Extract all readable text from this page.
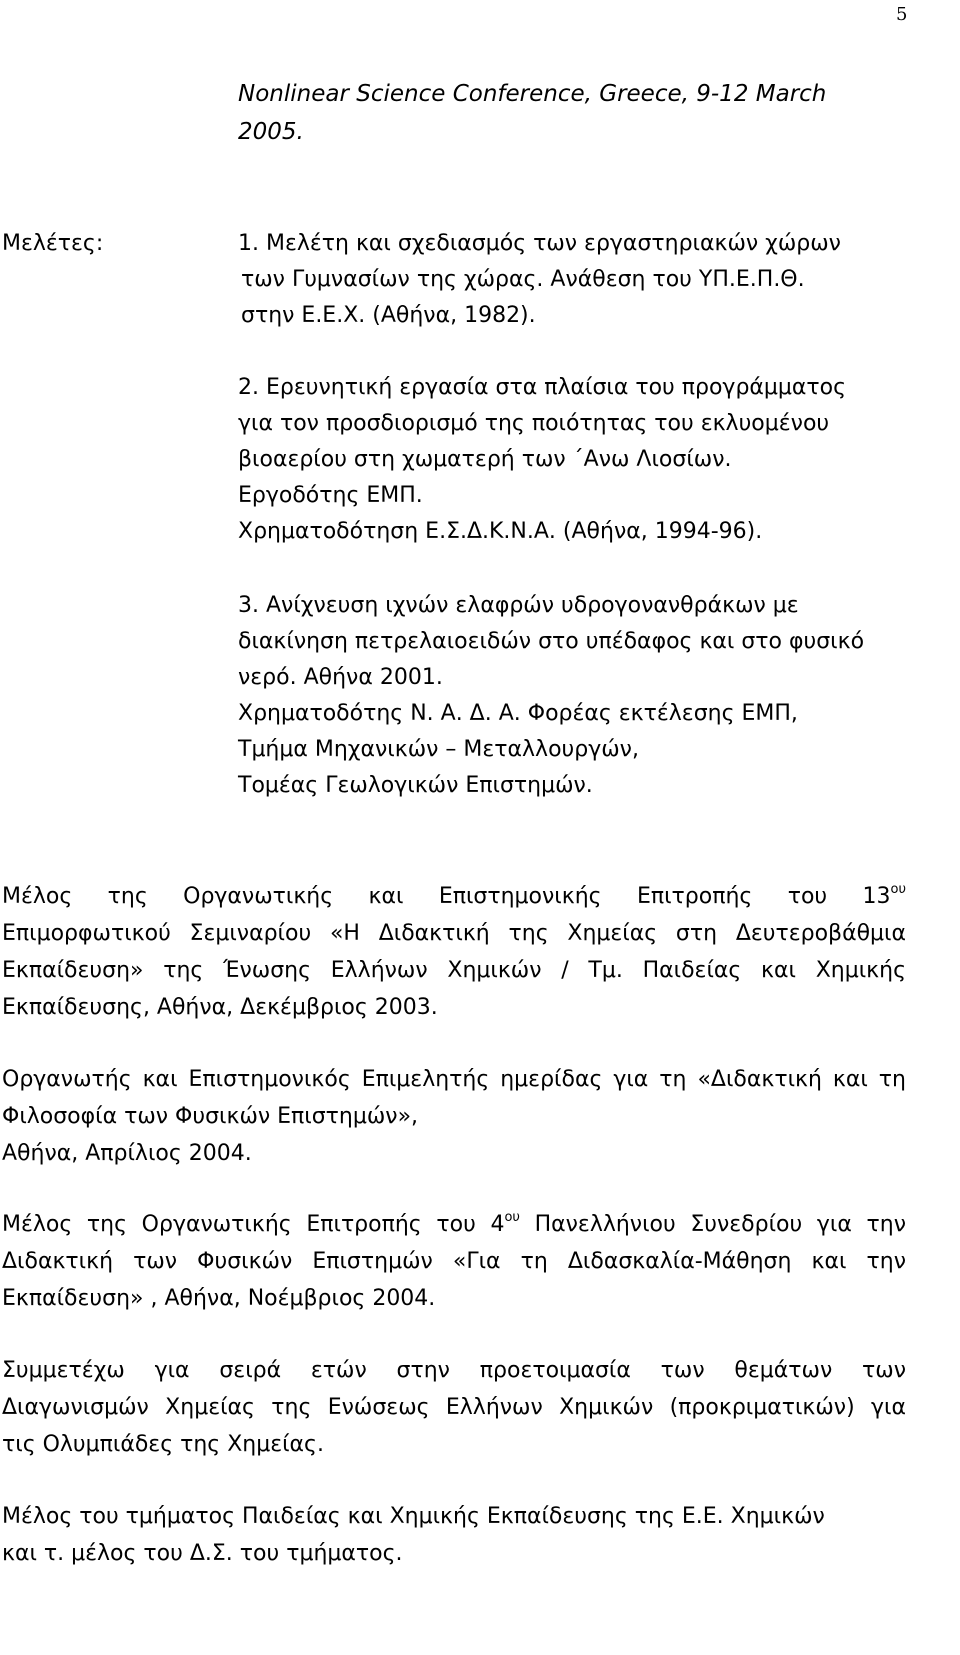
5
Nonlinear Science Conference, Greece, 9-12 March
2005.
Μελέτες:	1. Μελέτη και σχεδιασμός των εργαστηριακών χώρων
των Γυμνασίων της χώρας. Ανάθεση του ΥΠ.Ε.Π.Θ.
στην Ε.Ε.Χ. (Αθήνα, 1982).
2. Ερευνητική εργασία στα πλαίσια του προγράμματος
για τον προσδιορισμό της ποιότητας του εκλυομένου
βιοαερίου στη χωματερή των ΄Ανω Λιοσίων.
Εργοδότης ΕΜΠ.
Χρηματοδότηση Ε.Σ.Δ.Κ.Ν.Α. (Αθήνα, 1994-96).
3. Ανίχνευση ιχνών ελαφρών υδρογονανθράκων με
διακίνηση πετρελαιοειδών στο υπέδαφος και στο φυσικό
νερό. Αθήνα 2001.
Χρηματοδότης Ν. Α. Δ. Α. Φορέας εκτέλεσης ΕΜΠ,
Τμήμα Μηχανικών – Μεταλλουργών,
Τομέας Γεωλογικών Επιστημών.
Μέλος της Οργανωτικής και Επιστημονικής Επιτροπής του $13^{o\upsilon}$
Επιμορφωτικού Σεμιναρίου «Η Διδακτική της Χημείας στη Δευτεροβάθμια
Εκπαίδευση» της Ένωσης Ελλήνων Χημικών / Τμ. Παιδείας και Χημικής
Εκπαίδευσης, Αθήνα, Δεκέμβριος 2003.
Οργανωτής και Επιστημονικός Επιμελητής ημερίδας για τη «Διδακτική και τη
Φιλοσοφία των Φυσικών Επιστημών»,
Αθήνα, Απρίλιος 2004.
Μέλος της Οργανωτικής Επιτροπής του $4^{o\upsilon}$ Πανελλήνιου Συνεδρίου για την
Διδακτική των Φυσικών Επιστημών «Για τη Διδασκαλία-Μάθηση και την
Εκπαίδευση» , Αθήνα, Νοέμβριος 2004.
Συμμετέχω για σειρά ετών στην προετοιμασία των θεμάτων των
Διαγωνισμών Χημείας της Ενώσεως Ελλήνων Χημικών (προκριματικών) για
τις Ολυμπιάδες της Χημείας.
Μέλος του τμήματος Παιδείας και Χημικής Εκπαίδευσης της Ε.Ε. Χημικών
και τ. μέλος του Δ.Σ. του τμήματος.
